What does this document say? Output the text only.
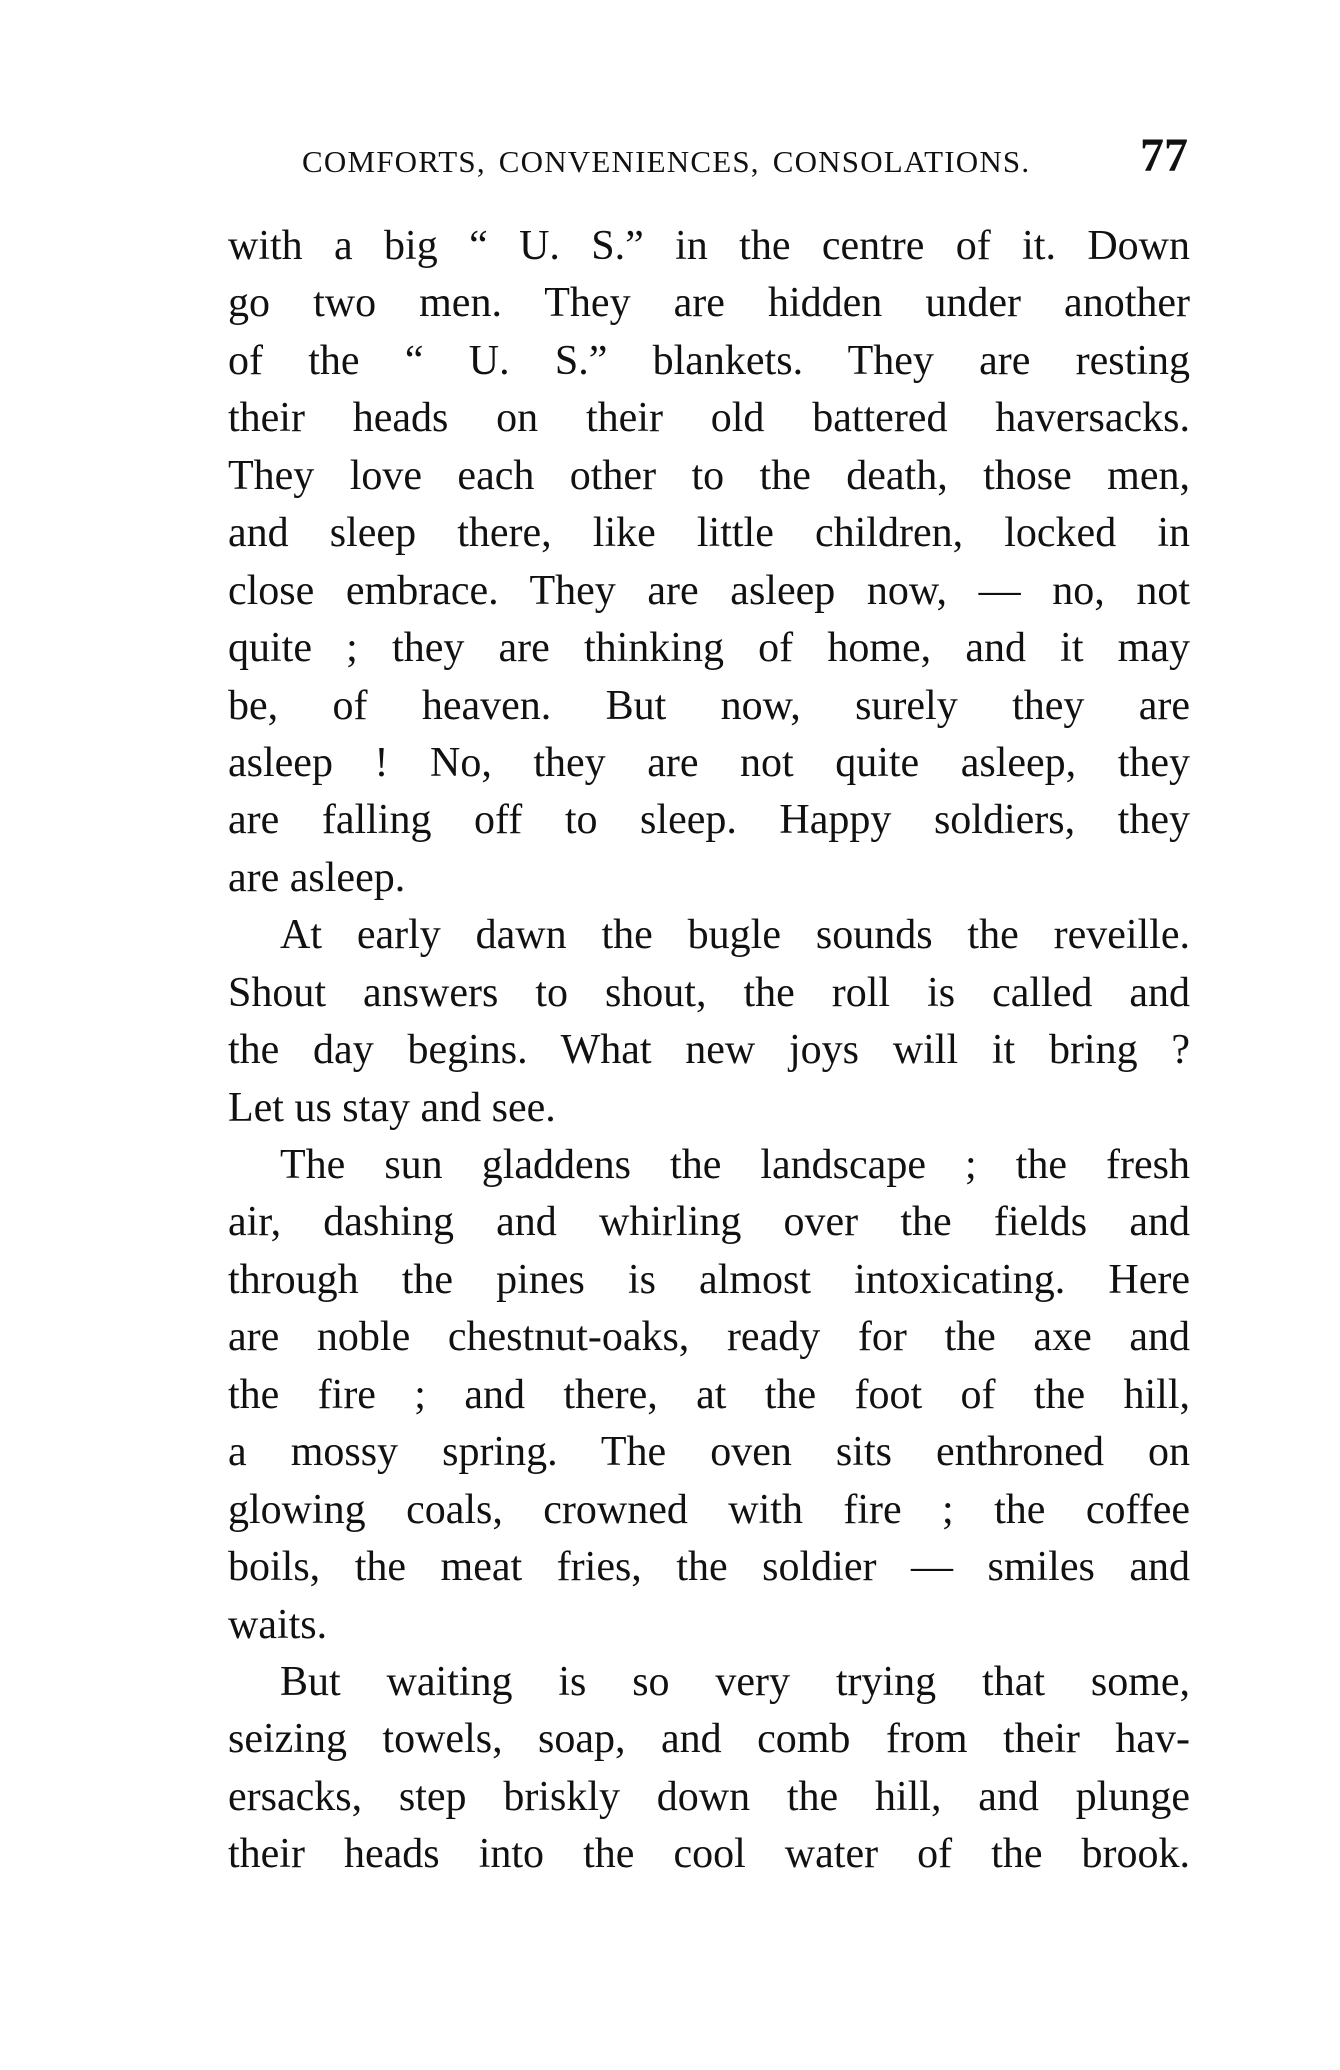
COMFORTS, CONVENIENCES, CONSOLATIONS. 77
with a big “ U. S.” in the centre of it. Down
go two men. They are hidden under another
of the “ U. S.” blankets. They are resting
their heads on their old battered haversacks.
They love each other to the death, those men,
and sleep there, like little children, locked in
close embrace. They are asleep now, — no, not
quite ; they are thinking of home, and it may
be, of heaven. But now, surely they are
asleep ! No, they are not quite asleep, they
are falling off to sleep. Happy soldiers, they
are asleep.
At early dawn the bugle sounds the reveille.
Shout answers to shout, the roll is called and
the day begins. What new joys will it bring ?
Let us stay and see.
The sun gladdens the landscape ; the fresh
air, dashing and whirling over the fields and
through the pines is almost intoxicating. Here
are noble chestnut-oaks, ready for the axe and
the fire ; and there, at the foot of the hill,
a mossy spring. The oven sits enthroned on
glowing coals, crowned with fire ; the coffee
boils, the meat fries, the soldier — smiles and
waits.
But waiting is so very trying that some,
seizing towels, soap, and comb from their hav-
ersacks, step briskly down the hill, and plunge
their heads into the cool water of the brook.
